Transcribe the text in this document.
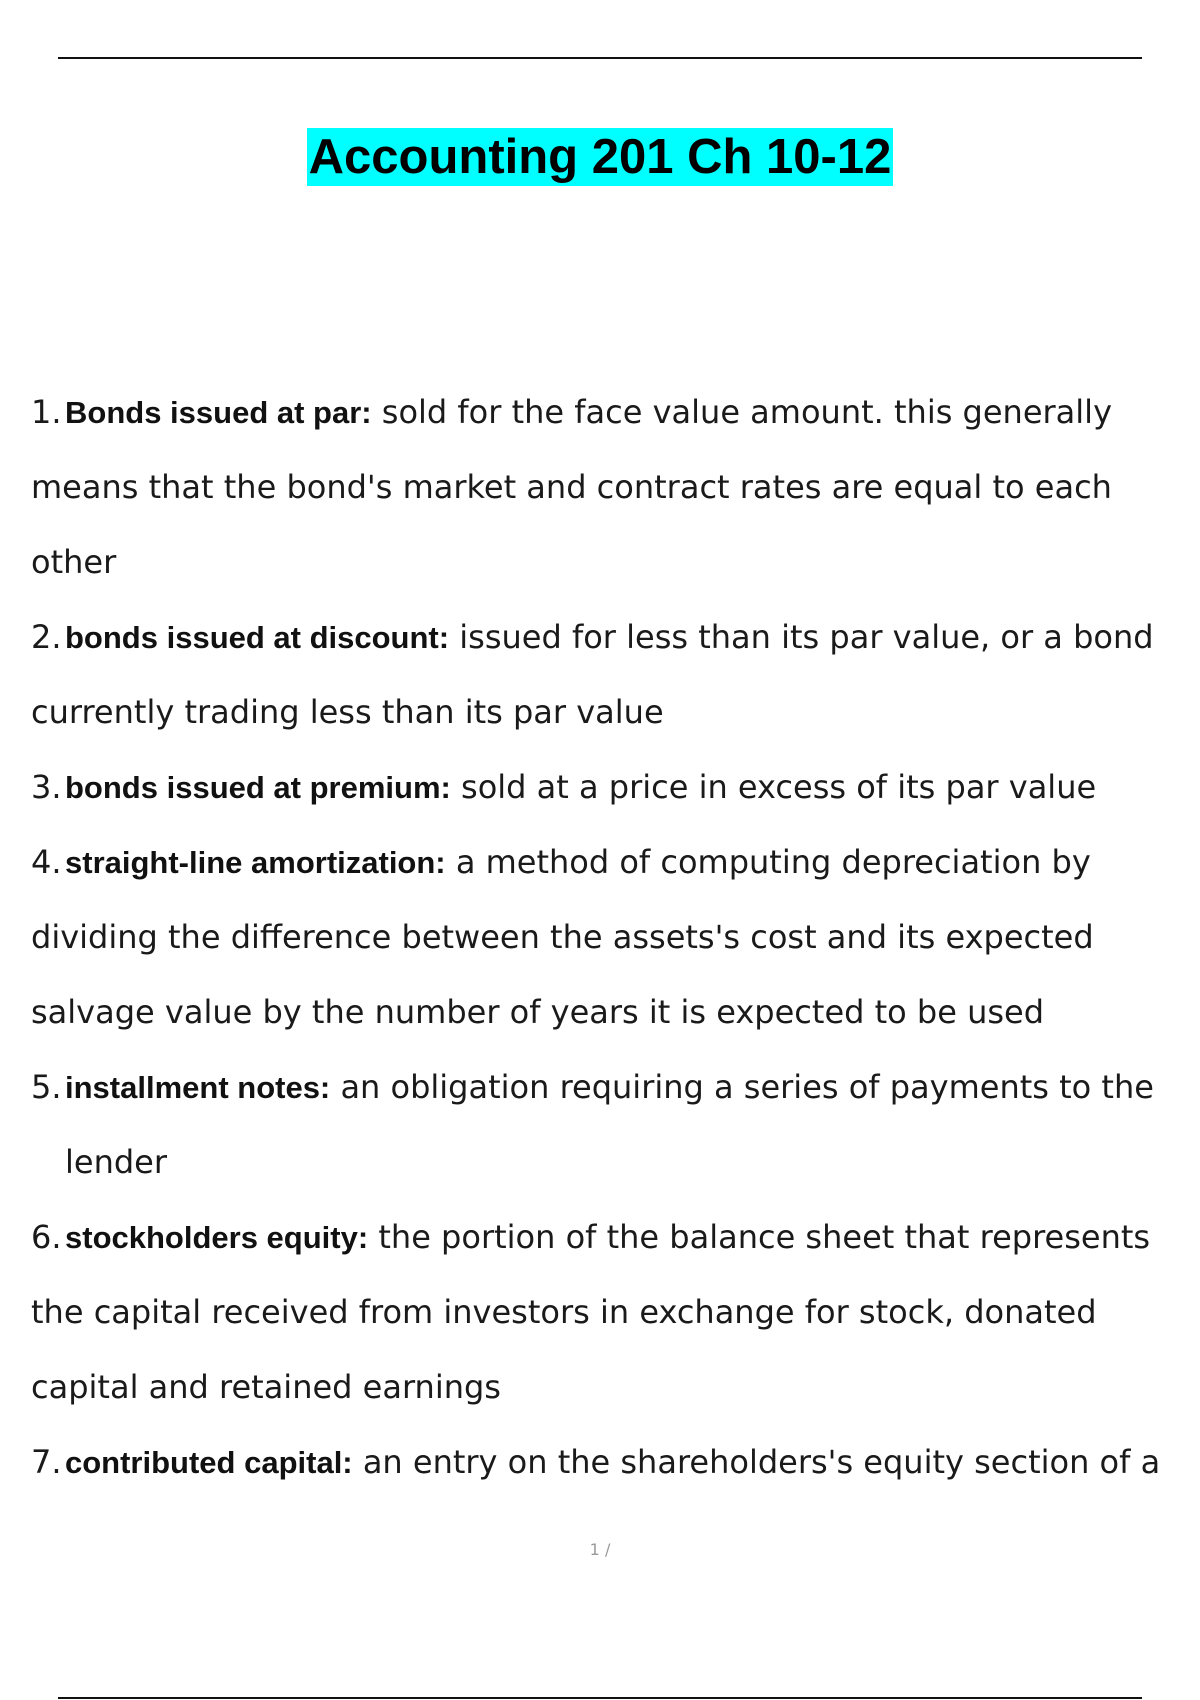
Accounting 201 Ch 10-12

1. Bonds issued at par: sold for the face value amount. this generally means that the bond's market and contract rates are equal to each other

2. bonds issued at discount: issued for less than its par value, or a bond currently trading less than its par value

3. bonds issued at premium: sold at a price in excess of its par value

4. straight-line amortization: a method of computing depreciation by dividing the difference between the assets's cost and its expected salvage value by the number of years it is expected to be used

5. installment notes: an obligation requiring a series of payments to the lender

6. stockholders equity: the portion of the balance sheet that represents the capital received from investors in exchange for stock, donated capital and retained earnings

7. contributed capital: an entry on the shareholders's equity section of a

1 /
